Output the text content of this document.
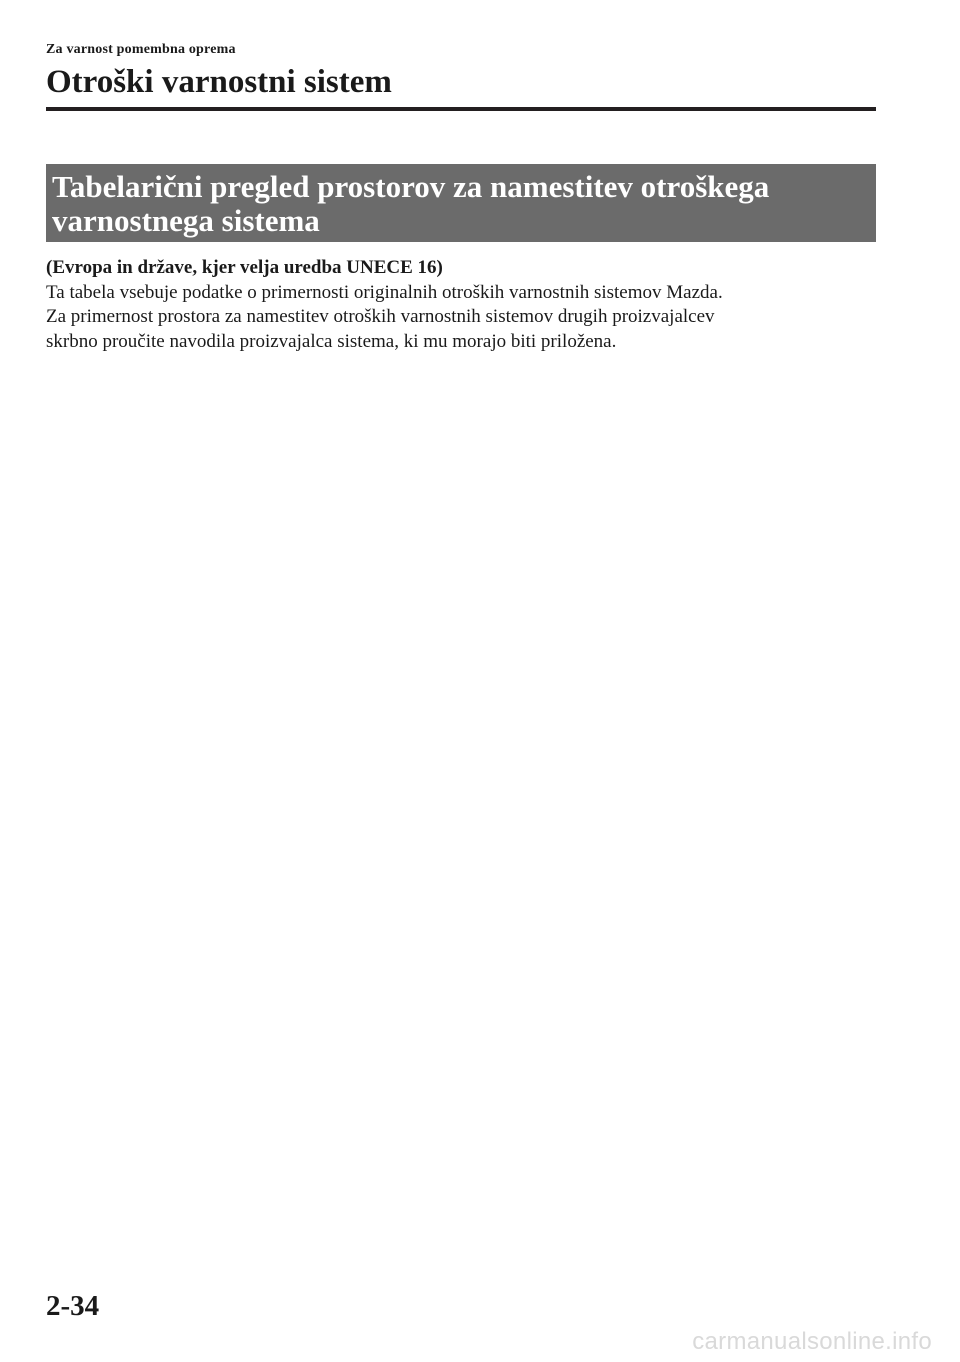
Za varnost pomembna oprema
Otroški varnostni sistem
Tabelarični pregled prostorov za namestitev otroškega
varnostnega sistema
(Evropa in države, kjer velja uredba UNECE 16)
Ta tabela vsebuje podatke o primernosti originalnih otroških varnostnih sistemov Mazda.
Za primernost prostora za namestitev otroških varnostnih sistemov drugih proizvajalcev
skrbno proučite navodila proizvajalca sistema, ki mu morajo biti priložena.
2-34
carmanualsonline.info
